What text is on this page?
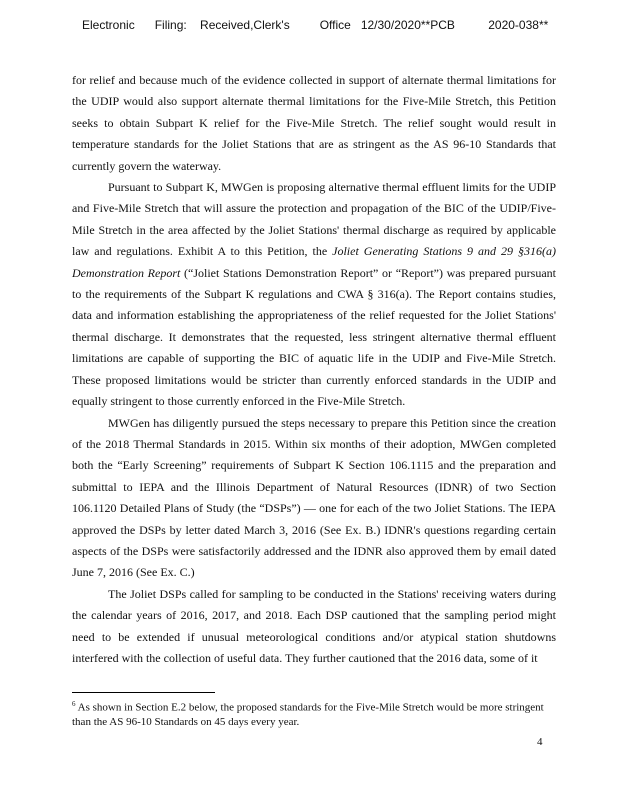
Electronic      Filing:    Received,Clerk's         Office   12/30/2020**PCB          2020-038**

for relief and because much of the evidence collected in support of alternate thermal limitations for the UDIP would also support alternate thermal limitations for the Five-Mile Stretch, this Petition seeks to obtain Subpart K relief for the Five-Mile Stretch. The relief sought would result in temperature standards for the Joliet Stations that are as stringent as the AS 96-10 Standards that currently govern the waterway.

Pursuant to Subpart K, MWGen is proposing alternative thermal effluent limits for the UDIP and Five-Mile Stretch that will assure the protection and propagation of the BIC of the UDIP/Five-Mile Stretch in the area affected by the Joliet Stations' thermal discharge as required by applicable law and regulations. Exhibit A to this Petition, the Joliet Generating Stations 9 and 29 §316(a) Demonstration Report (“Joliet Stations Demonstration Report” or “Report”) was prepared pursuant to the requirements of the Subpart K regulations and CWA § 316(a). The Report contains studies, data and information establishing the appropriateness of the relief requested for the Joliet Stations' thermal discharge. It demonstrates that the requested, less stringent alternative thermal effluent limitations are capable of supporting the BIC of aquatic life in the UDIP and Five-Mile Stretch. These proposed limitations would be stricter than currently enforced standards in the UDIP and equally stringent to those currently enforced in the Five-Mile Stretch.

MWGen has diligently pursued the steps necessary to prepare this Petition since the creation of the 2018 Thermal Standards in 2015. Within six months of their adoption, MWGen completed both the “Early Screening” requirements of Subpart K Section 106.1115 and the preparation and submittal to IEPA and the Illinois Department of Natural Resources (IDNR) of two Section 106.1120 Detailed Plans of Study (the “DSPs”) — one for each of the two Joliet Stations. The IEPA approved the DSPs by letter dated March 3, 2016 (See Ex. B.) IDNR's questions regarding certain aspects of the DSPs were satisfactorily addressed and the IDNR also approved them by email dated June 7, 2016 (See Ex. C.)

The Joliet DSPs called for sampling to be conducted in the Stations' receiving waters during the calendar years of 2016, 2017, and 2018. Each DSP cautioned that the sampling period might need to be extended if unusual meteorological conditions and/or atypical station shutdowns interfered with the collection of useful data. They further cautioned that the 2016 data, some of it

$^6$ As shown in Section E.2 below, the proposed standards for the Five-Mile Stretch would be more stringent than the AS 96-10 Standards on 45 days every year.
4
